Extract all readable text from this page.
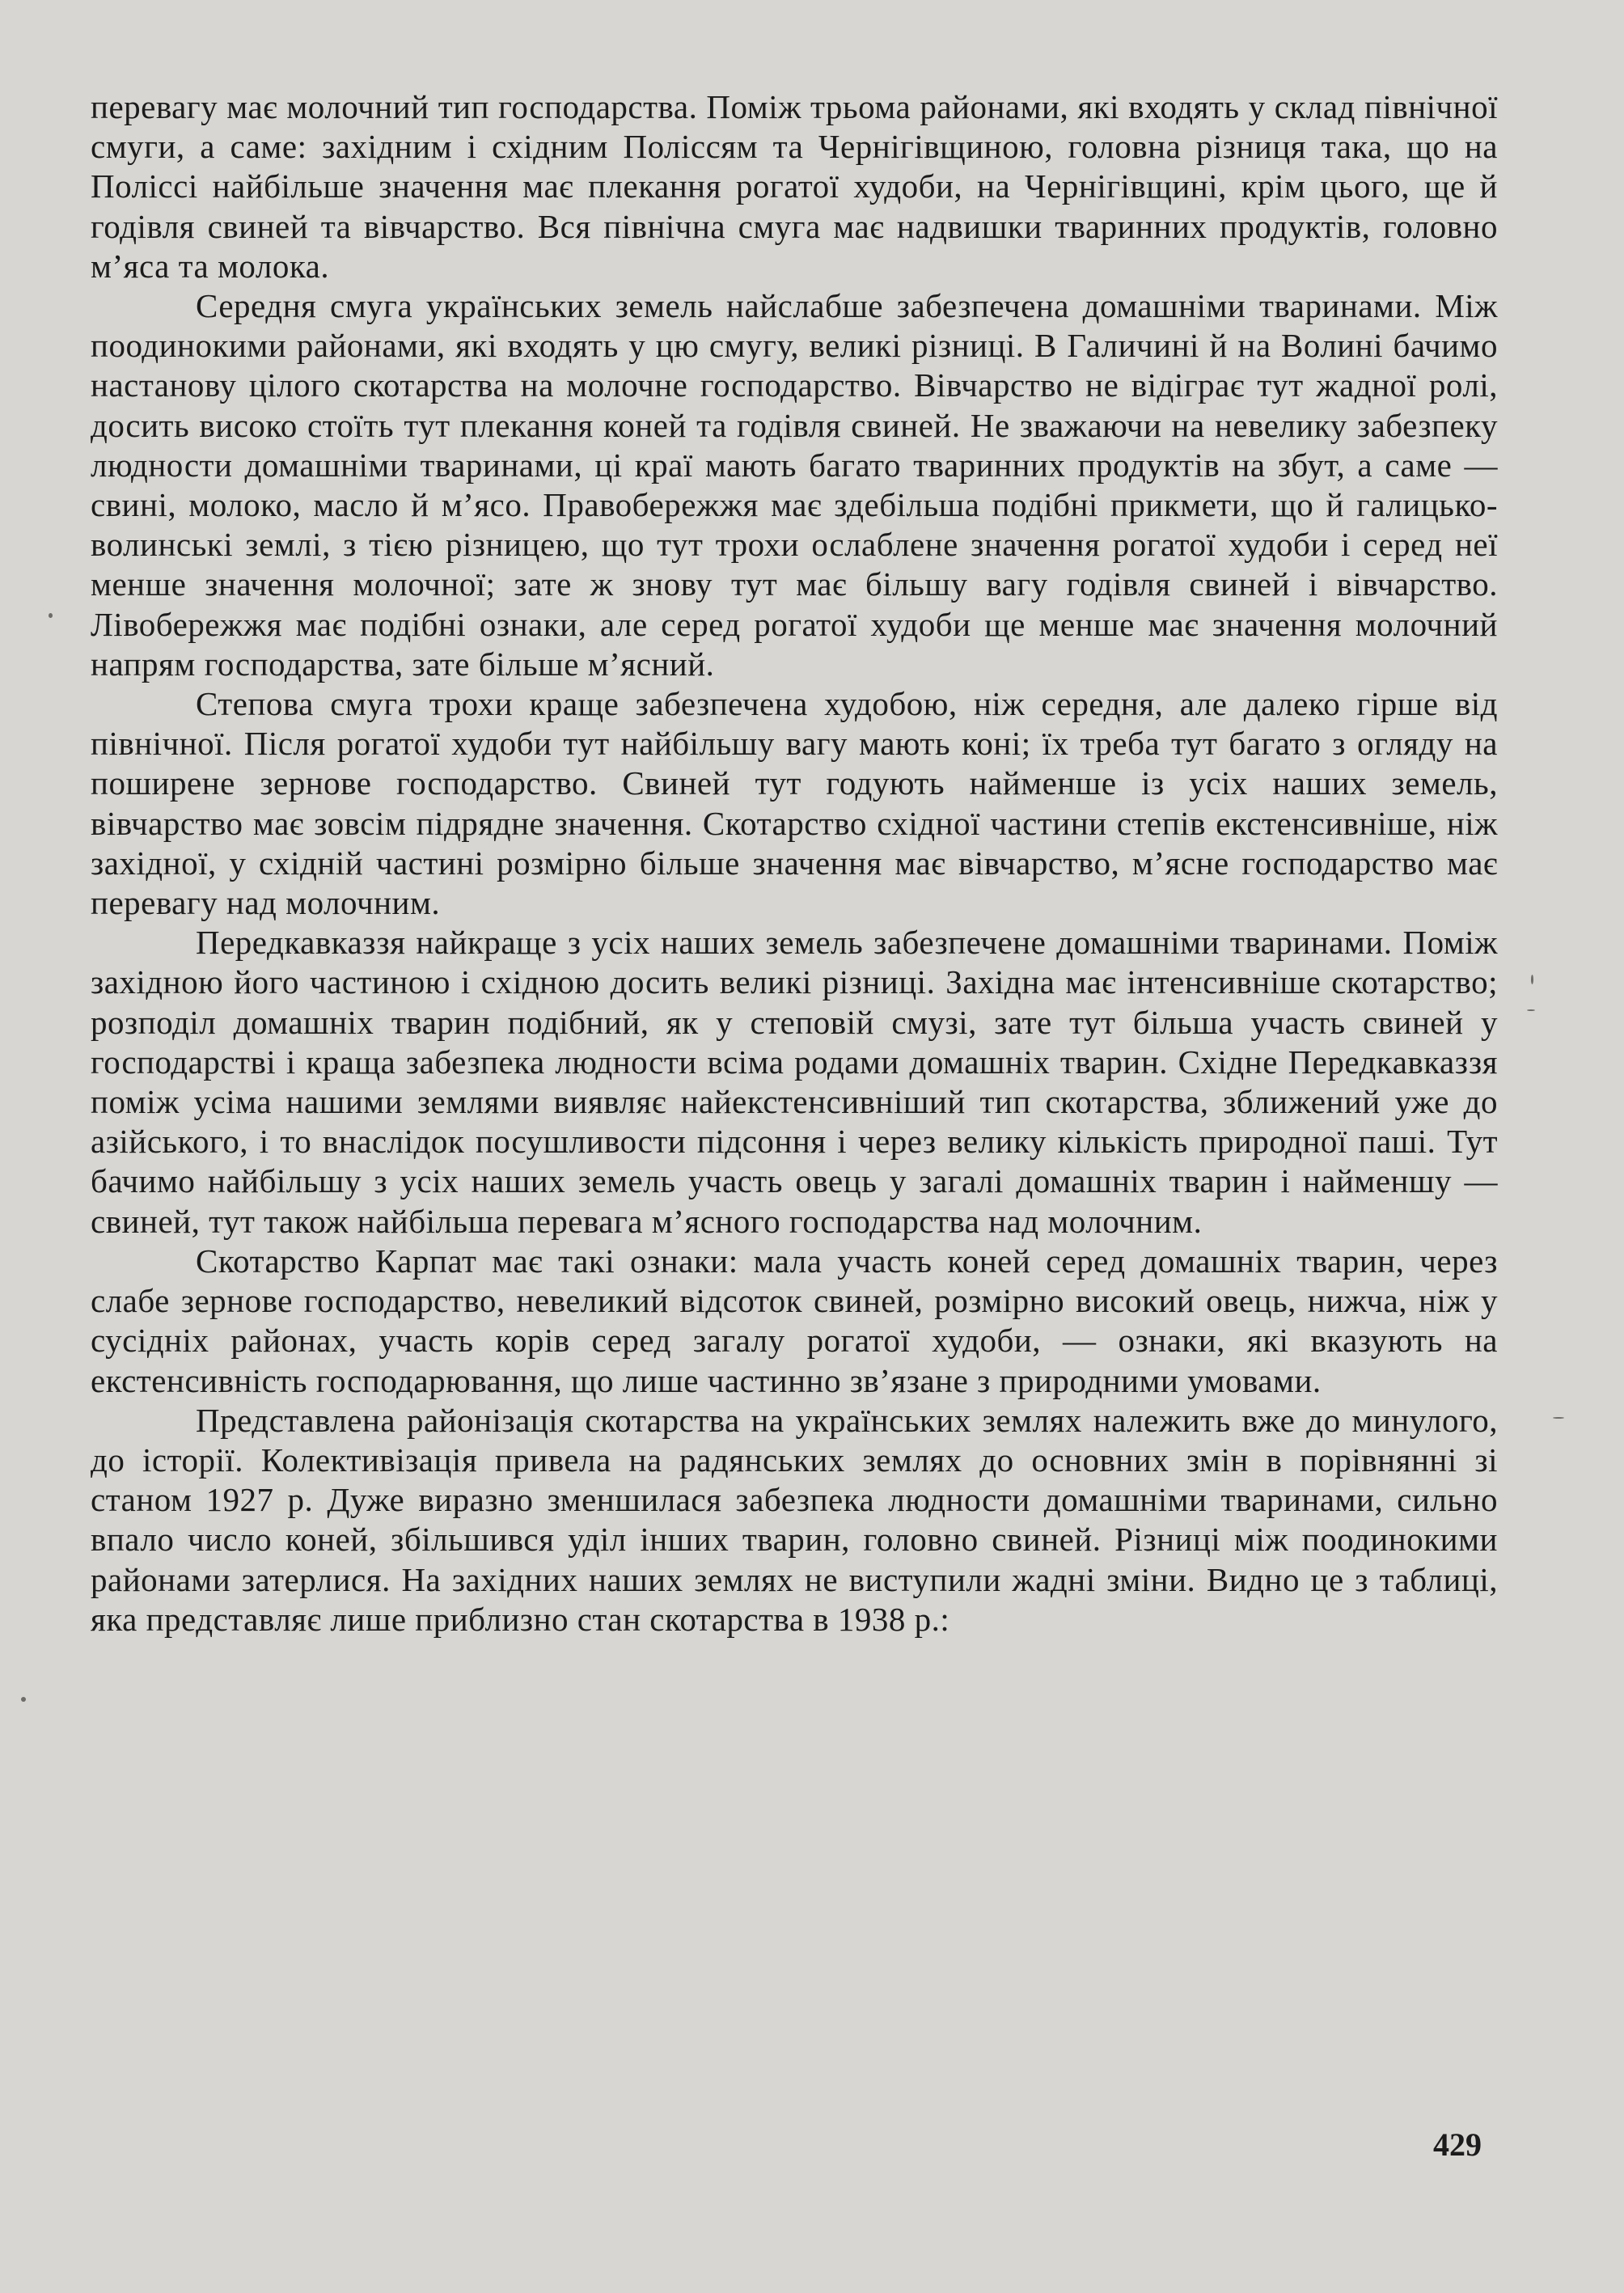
перевагу має молочний тип господарства. Поміж трьома районами, які входять у склад північної смуги, а саме: західним і східним Поліссям та Чернігівщиною, головна різниця така, що на Поліссі найбільше значення має плекання рогатої худоби, на Чернігівщині, крім цього, ще й годівля свиней та вівчарство. Вся північна смуга має надвишки тваринних продуктів, головно м’яса та молока.

Середня смуга українських земель найслабше забезпечена домашніми тваринами. Між поодинокими районами, які входять у цю смугу, великі різниці. В Галичині й на Волині бачимо настанову цілого скотарства на молочне господарство. Вівчарство не відіграє тут жадної ролі, досить високо стоїть тут плекання коней та годівля свиней. Не зважаючи на невелику забезпеку людности домашніми тваринами, ці краї мають багато тваринних продуктів на збут, а саме — свині, молоко, масло й м’ясо. Правобережжя має здебільша подібні прикмети, що й галицько-волинські землі, з тією різницею, що тут трохи ослаблене значення рогатої худоби і серед неї менше значення молочної; зате ж знову тут має більшу вагу годівля свиней і вівчарство. Лівобережжя має подібні ознаки, але серед рогатої худоби ще менше має значення молочний напрям господарства, зате більше м’ясний.

Степова смуга трохи краще забезпечена худобою, ніж середня, але далеко гірше від північної. Після рогатої худоби тут найбільшу вагу мають коні; їх треба тут багато з огляду на поширене зернове господарство. Свиней тут годують найменше із усіх наших земель, вівчарство має зовсім підрядне значення. Скотарство східної частини степів екстенсивніше, ніж західної, у східній частині розмірно більше значення має вівчарство, м’ясне господарство має перевагу над молочним.

Передкавказзя найкраще з усіх наших земель забезпечене домашніми тваринами. Поміж західною його частиною і східною досить великі різниці. Західна має інтенсивніше скотарство; розподіл домашніх тварин подібний, як у степовій смузі, зате тут більша участь свиней у господарстві і краща забезпека людности всіма родами домашніх тварин. Східне Передкавказзя поміж усіма нашими землями виявляє найекстенсивніший тип скотарства, зближений уже до азійського, і то внаслідок посушливости підсоння і через велику кількість природної паші. Тут бачимо найбільшу з усіх наших земель участь овець у загалі домашніх тварин і найменшу — свиней, тут також найбільша перевага м’ясного господарства над молочним.

Скотарство Карпат має такі ознаки: мала участь коней серед домашніх тварин, через слабе зернове господарство, невеликий відсоток свиней, розмірно високий овець, нижча, ніж у сусідніх районах, участь корів серед загалу рогатої худоби, — ознаки, які вказують на екстенсивність господарювання, що лише частинно зв’язане з природними умовами.

Представлена районізація скотарства на українських землях належить вже до минулого, до історії. Колективізація привела на радянських землях до основних змін в порівнянні зі станом 1927 р. Дуже виразно зменшилася забезпека людности домашніми тваринами, сильно впало число коней, збільшився уділ інших тварин, головно свиней. Різниці між поодинокими районами затерлися. На західних наших землях не виступили жадні зміни. Видно це з таблиці, яка представляє лише приблизно стан скотарства в 1938 р.:

429
